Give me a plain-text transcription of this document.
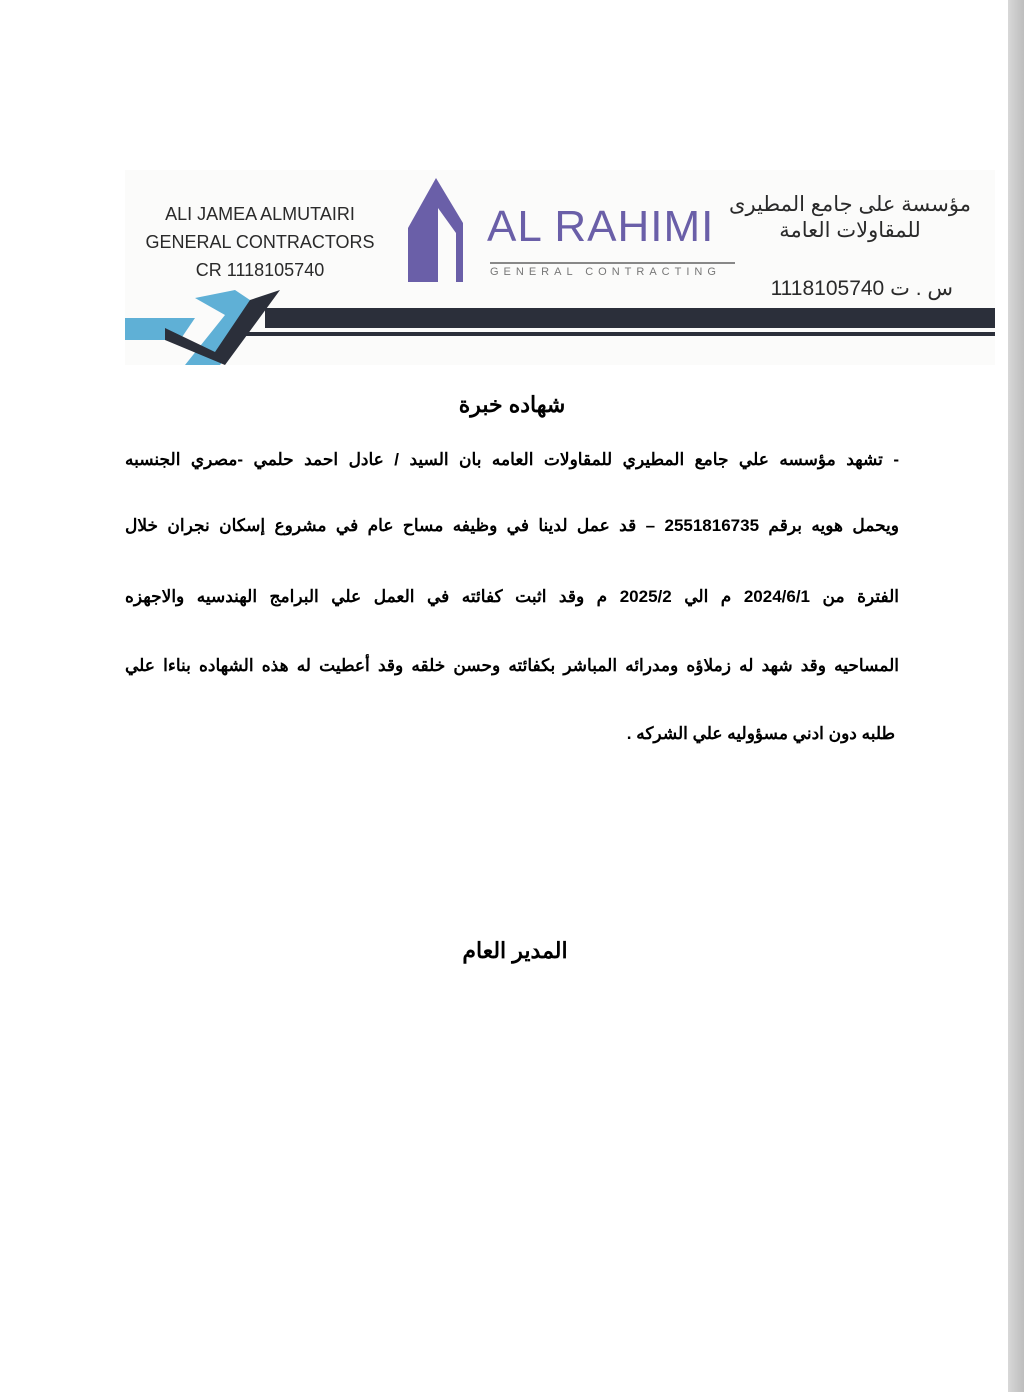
ALI JAMEA ALMUTAIRI
GENERAL CONTRACTORS
CR 1118105740
AL RAHIMI
GENERAL CONTRACTING
مؤسسة على جامع المطيرى
للمقاولات العامة
س . ت 1118105740
شهاده خبرة
- تشهد مؤسسه علي جامع المطيري للمقاولات العامه بان السيد / عادل احمد حلمي -مصري الجنسبه
ويحمل هويه برقم 2551816735 – قد عمل لدينا في وظيفه مساح عام في مشروع إسكان نجران خلال
الفترة من 2024/6/1 م الي 2025/2 م وقد اثبت كفائته في العمل علي البرامج الهندسيه والاجهزه
المساحيه وقد شهد له زملاؤه ومدرائه المباشر بكفائته وحسن خلقه وقد أعطيت له هذه الشهاده بناءا علي
طلبه دون ادني مسؤوليه علي الشركه .
المدير العام
